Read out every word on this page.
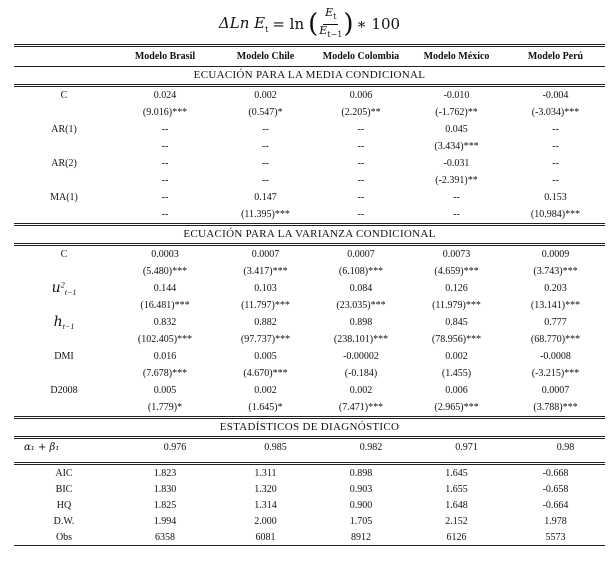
ΔLn $E_t = \ln$ ( $\frac{E_t}{E_{t-1}}$ ) ∗ 100
	Modelo Brasil	Modelo Chile	Modelo Colombia	Modelo México	Modelo Perú
ECUACIÓN PARA LA MEDIA CONDICIONAL
C	0.024	0.002	0.006	-0.010	-0.004
	(9.016)***	(0.547)*	(2.205)**	(-1.762)**	(-3.034)***
AR(1)	--	--	--	0.045	--
	--	--	--	(3.434)***	--
AR(2)	--	--	--	-0.031	--
	--	--	--	(-2.391)**	--
MA(1)	--	0.147	--	--	0.153
	--	(11.395)***	--	--	(10.984)***
ECUACIÓN PARA LA VARIANZA CONDICIONAL
C	0.0003	0.0007	0.0007	0.0073	0.0009
	(5.480)***	(3.417)***	(6.108)***	(4.659)***	(3.743)***
$u^2_{t-1}$	0.144	0.103	0.084	0.126	0.203
	(16.481)***	(11.797)***	(23.035)***	(11.979)***	(13.141)***
$h_{t-1}$	0.832	0.882	0.898	0.845	0.777
	(102.405)***	(97.737)***	(238.101)***	(78.956)***	(68.770)***
DMI	0.016	0.005	-0.00002	0.002	-0.0008
	(7.678)***	(4.670)***	(-0.184)	(1.455)	(-3.215)***
D2008	0.005	0.002	0.002	0.006	0.0007
	(1.779)*	(1.645)*	(7.471)***	(2.965)***	(3.788)***
ESTADÍSTICOS DE DIAGNÓSTICO
α₁ + β₁	0.976	0.985	0.982	0.971	0.98
AIC	1.823	1.311	0.898	1.645	-0.668
BIC	1.830	1.320	0.903	1.655	-0.658
HQ	1.825	1.314	0.900	1.648	-0.664
D.W.	1.994	2.000	1.705	2.152	1.978
Obs	6358	6081	8912	6126	5573
